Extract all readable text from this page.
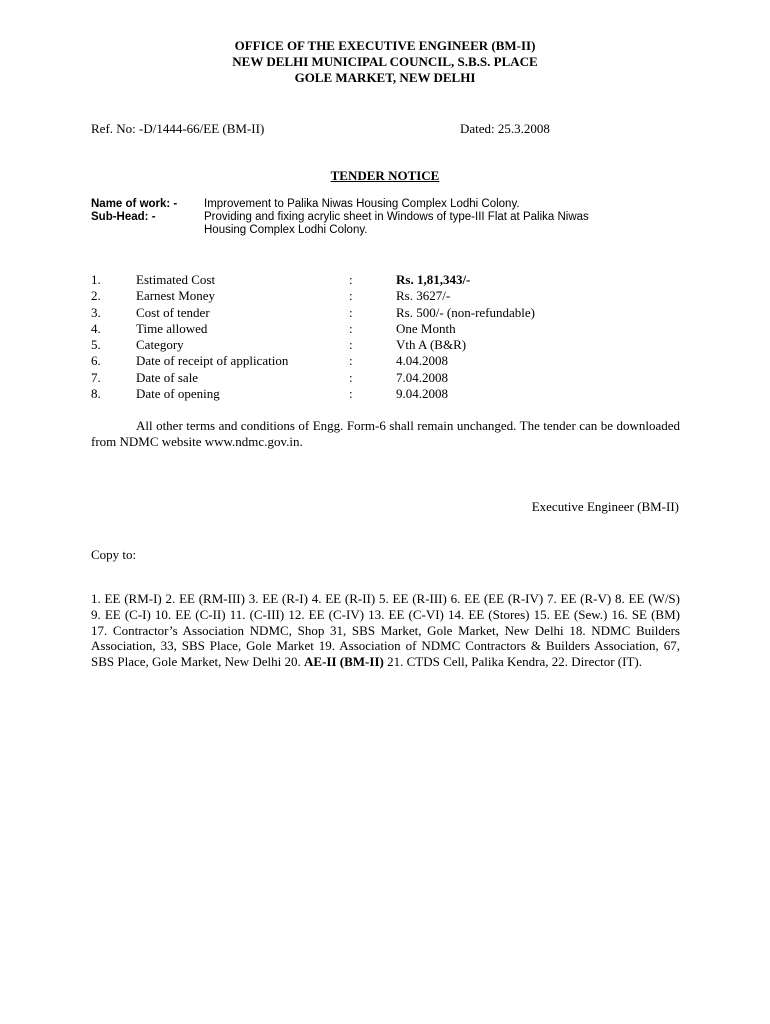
OFFICE OF THE EXECUTIVE ENGINEER (BM-II)
NEW DELHI MUNICIPAL COUNCIL, S.B.S. PLACE
GOLE MARKET, NEW DELHI
Ref. No: -D/1444-66/EE (BM-II)	Dated: 25.3.2008
TENDER NOTICE
Name of work: - Improvement to Palika Niwas Housing Complex Lodhi Colony.
Sub-Head: -	Providing and fixing acrylic sheet in Windows of type-III Flat at Palika Niwas
Housing Complex Lodhi Colony.
1.	Estimated Cost	:	Rs. 1,81,343/-
2.	Earnest Money	:	Rs. 3627/-
3.	Cost of tender	:	Rs. 500/- (non-refundable)
4.	Time allowed	:	One Month
5.	Category	:	Vth A (B&R)
6.	Date of receipt of application	:	4.04.2008
7.	Date of sale	:	7.04.2008
8.	Date of opening	:	9.04.2008
All other terms and conditions of Engg. Form-6 shall remain unchanged. The tender can be downloaded from NDMC website www.ndmc.gov.in.
Executive Engineer (BM-II)
Copy to:
1. EE (RM-I) 2. EE (RM-III) 3. EE (R-I) 4. EE (R-II) 5. EE (R-III) 6. EE (EE (R-IV) 7. EE (R-V) 8. EE (W/S) 9. EE (C-I) 10. EE (C-II) 11. (C-III) 12. EE (C-IV) 13. EE (C-VI) 14. EE (Stores) 15. EE (Sew.) 16. SE (BM) 17. Contractor’s Association NDMC, Shop 31, SBS Market, Gole Market, New Delhi 18. NDMC Builders Association, 33, SBS Place, Gole Market 19. Association of NDMC Contractors & Builders Association, 67, SBS Place, Gole Market, New Delhi 20. AE-II (BM-II) 21. CTDS Cell, Palika Kendra, 22. Director (IT).
